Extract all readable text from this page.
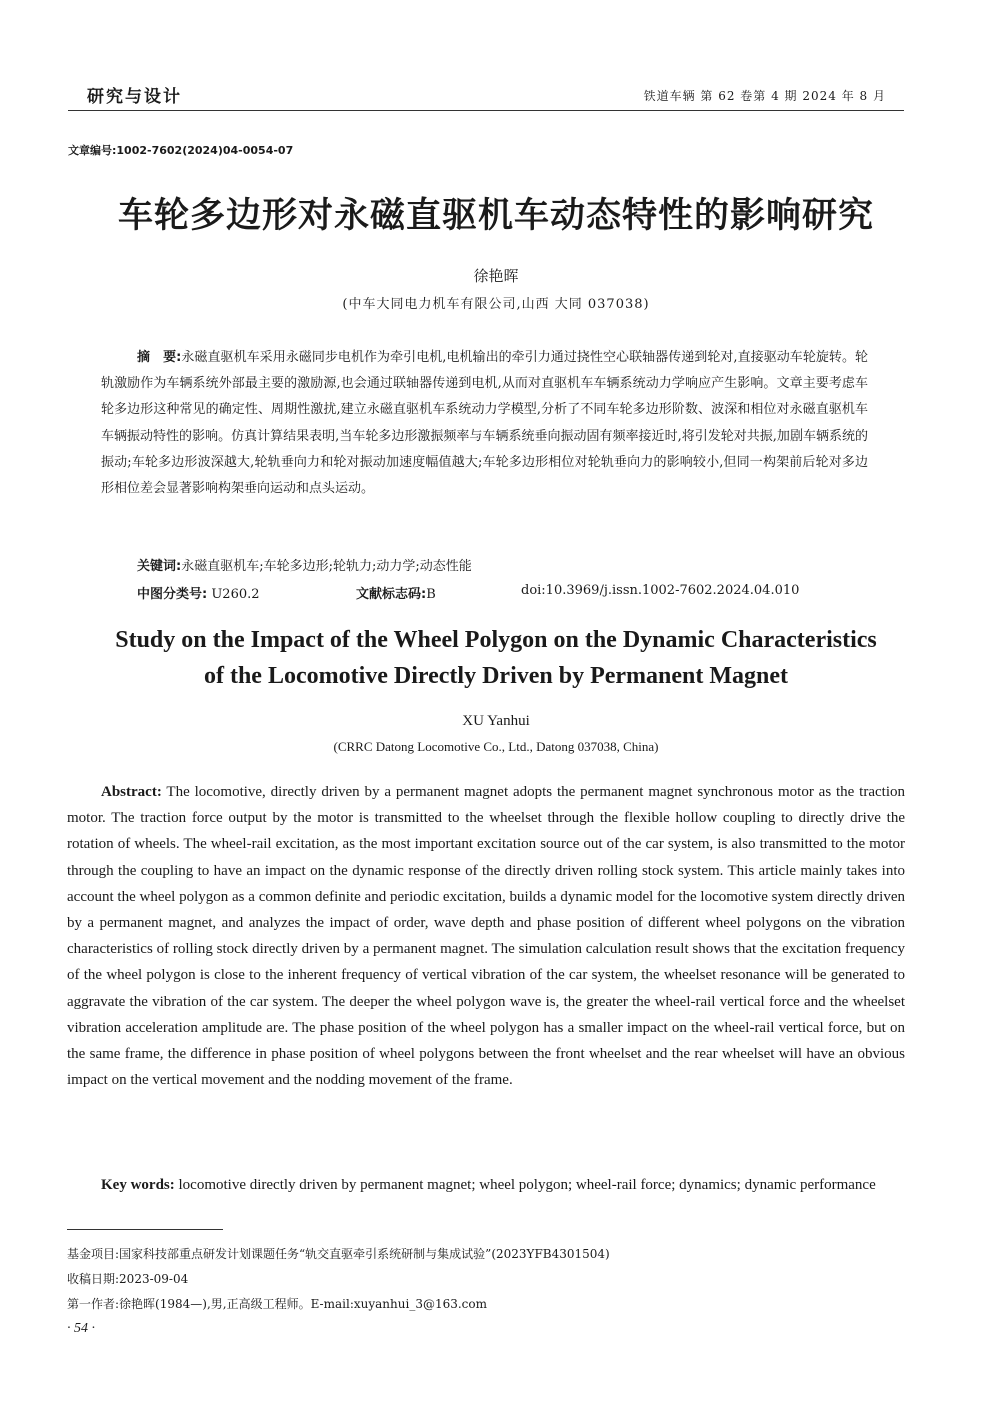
研究与设计	铁道车辆 第 62 卷第 4 期 2024 年 8 月
文章编号:1002-7602(2024)04-0054-07
车轮多边形对永磁直驱机车动态特性的影响研究
徐艳晖
(中车大同电力机车有限公司,山西 大同 037038)
摘　要:永磁直驱机车采用永磁同步电机作为牵引电机,电机输出的牵引力通过挠性空心联轴器传递到轮对,直接驱动车轮旋转。轮轨激励作为车辆系统外部最主要的激励源,也会通过联轴器传递到电机,从而对直驱机车车辆系统动力学响应产生影响。文章主要考虑车轮多边形这种常见的确定性、周期性激扰,建立永磁直驱机车系统动力学模型,分析了不同车轮多边形阶数、波深和相位对永磁直驱机车车辆振动特性的影响。仿真计算结果表明,当车轮多边形激振频率与车辆系统垂向振动固有频率接近时,将引发轮对共振,加剧车辆系统的振动;车轮多边形波深越大,轮轨垂向力和轮对振动加速度幅值越大;车轮多边形相位对轮轨垂向力的影响较小,但同一构架前后轮对多边形相位差会显著影响构架垂向运动和点头运动。
关键词:永磁直驱机车;车轮多边形;轮轨力;动力学;动态性能
中图分类号: U260.2	文献标志码:B	doi:10.3969/j.issn.1002-7602.2024.04.010
Study on the Impact of the Wheel Polygon on the Dynamic Characteristics
of the Locomotive Directly Driven by Permanent Magnet
XU Yanhui
(CRRC Datong Locomotive Co., Ltd., Datong 037038, China)
Abstract: The locomotive, directly driven by a permanent magnet adopts the permanent magnet synchronous motor as the traction motor. The traction force output by the motor is transmitted to the wheelset through the flexible hollow coupling to directly drive the rotation of wheels. The wheel-rail excitation, as the most important excitation source out of the car system, is also transmitted to the motor through the coupling to have an impact on the dynamic response of the directly driven rolling stock system. This article mainly takes into account the wheel polygon as a common definite and periodic excitation, builds a dynamic model for the locomotive system directly driven by a permanent magnet, and analyzes the impact of order, wave depth and phase position of different wheel polygons on the vibration characteristics of rolling stock directly driven by a permanent magnet. The simulation calculation result shows that the excitation frequency of the wheel polygon is close to the inherent frequency of vertical vibration of the car system, the wheelset resonance will be generated to aggravate the vibration of the car system. The deeper the wheel polygon wave is, the greater the wheel-rail vertical force and the wheelset vibration acceleration amplitude are. The phase position of the wheel polygon has a smaller impact on the wheel-rail vertical force, but on the same frame, the difference in phase position of wheel polygons between the front wheelset and the rear wheelset will have an obvious impact on the vertical movement and the nodding movement of the frame.
Key words: locomotive directly driven by permanent magnet; wheel polygon; wheel-rail force; dynamics; dynamic performance
基金项目:国家科技部重点研发计划课题任务“轨交直驱牵引系统研制与集成试验”(2023YFB4301504)
收稿日期:2023-09-04
第一作者:徐艳晖(1984—),男,正高级工程师。E-mail:xuyanhui_3@163.com
· 54 ·
